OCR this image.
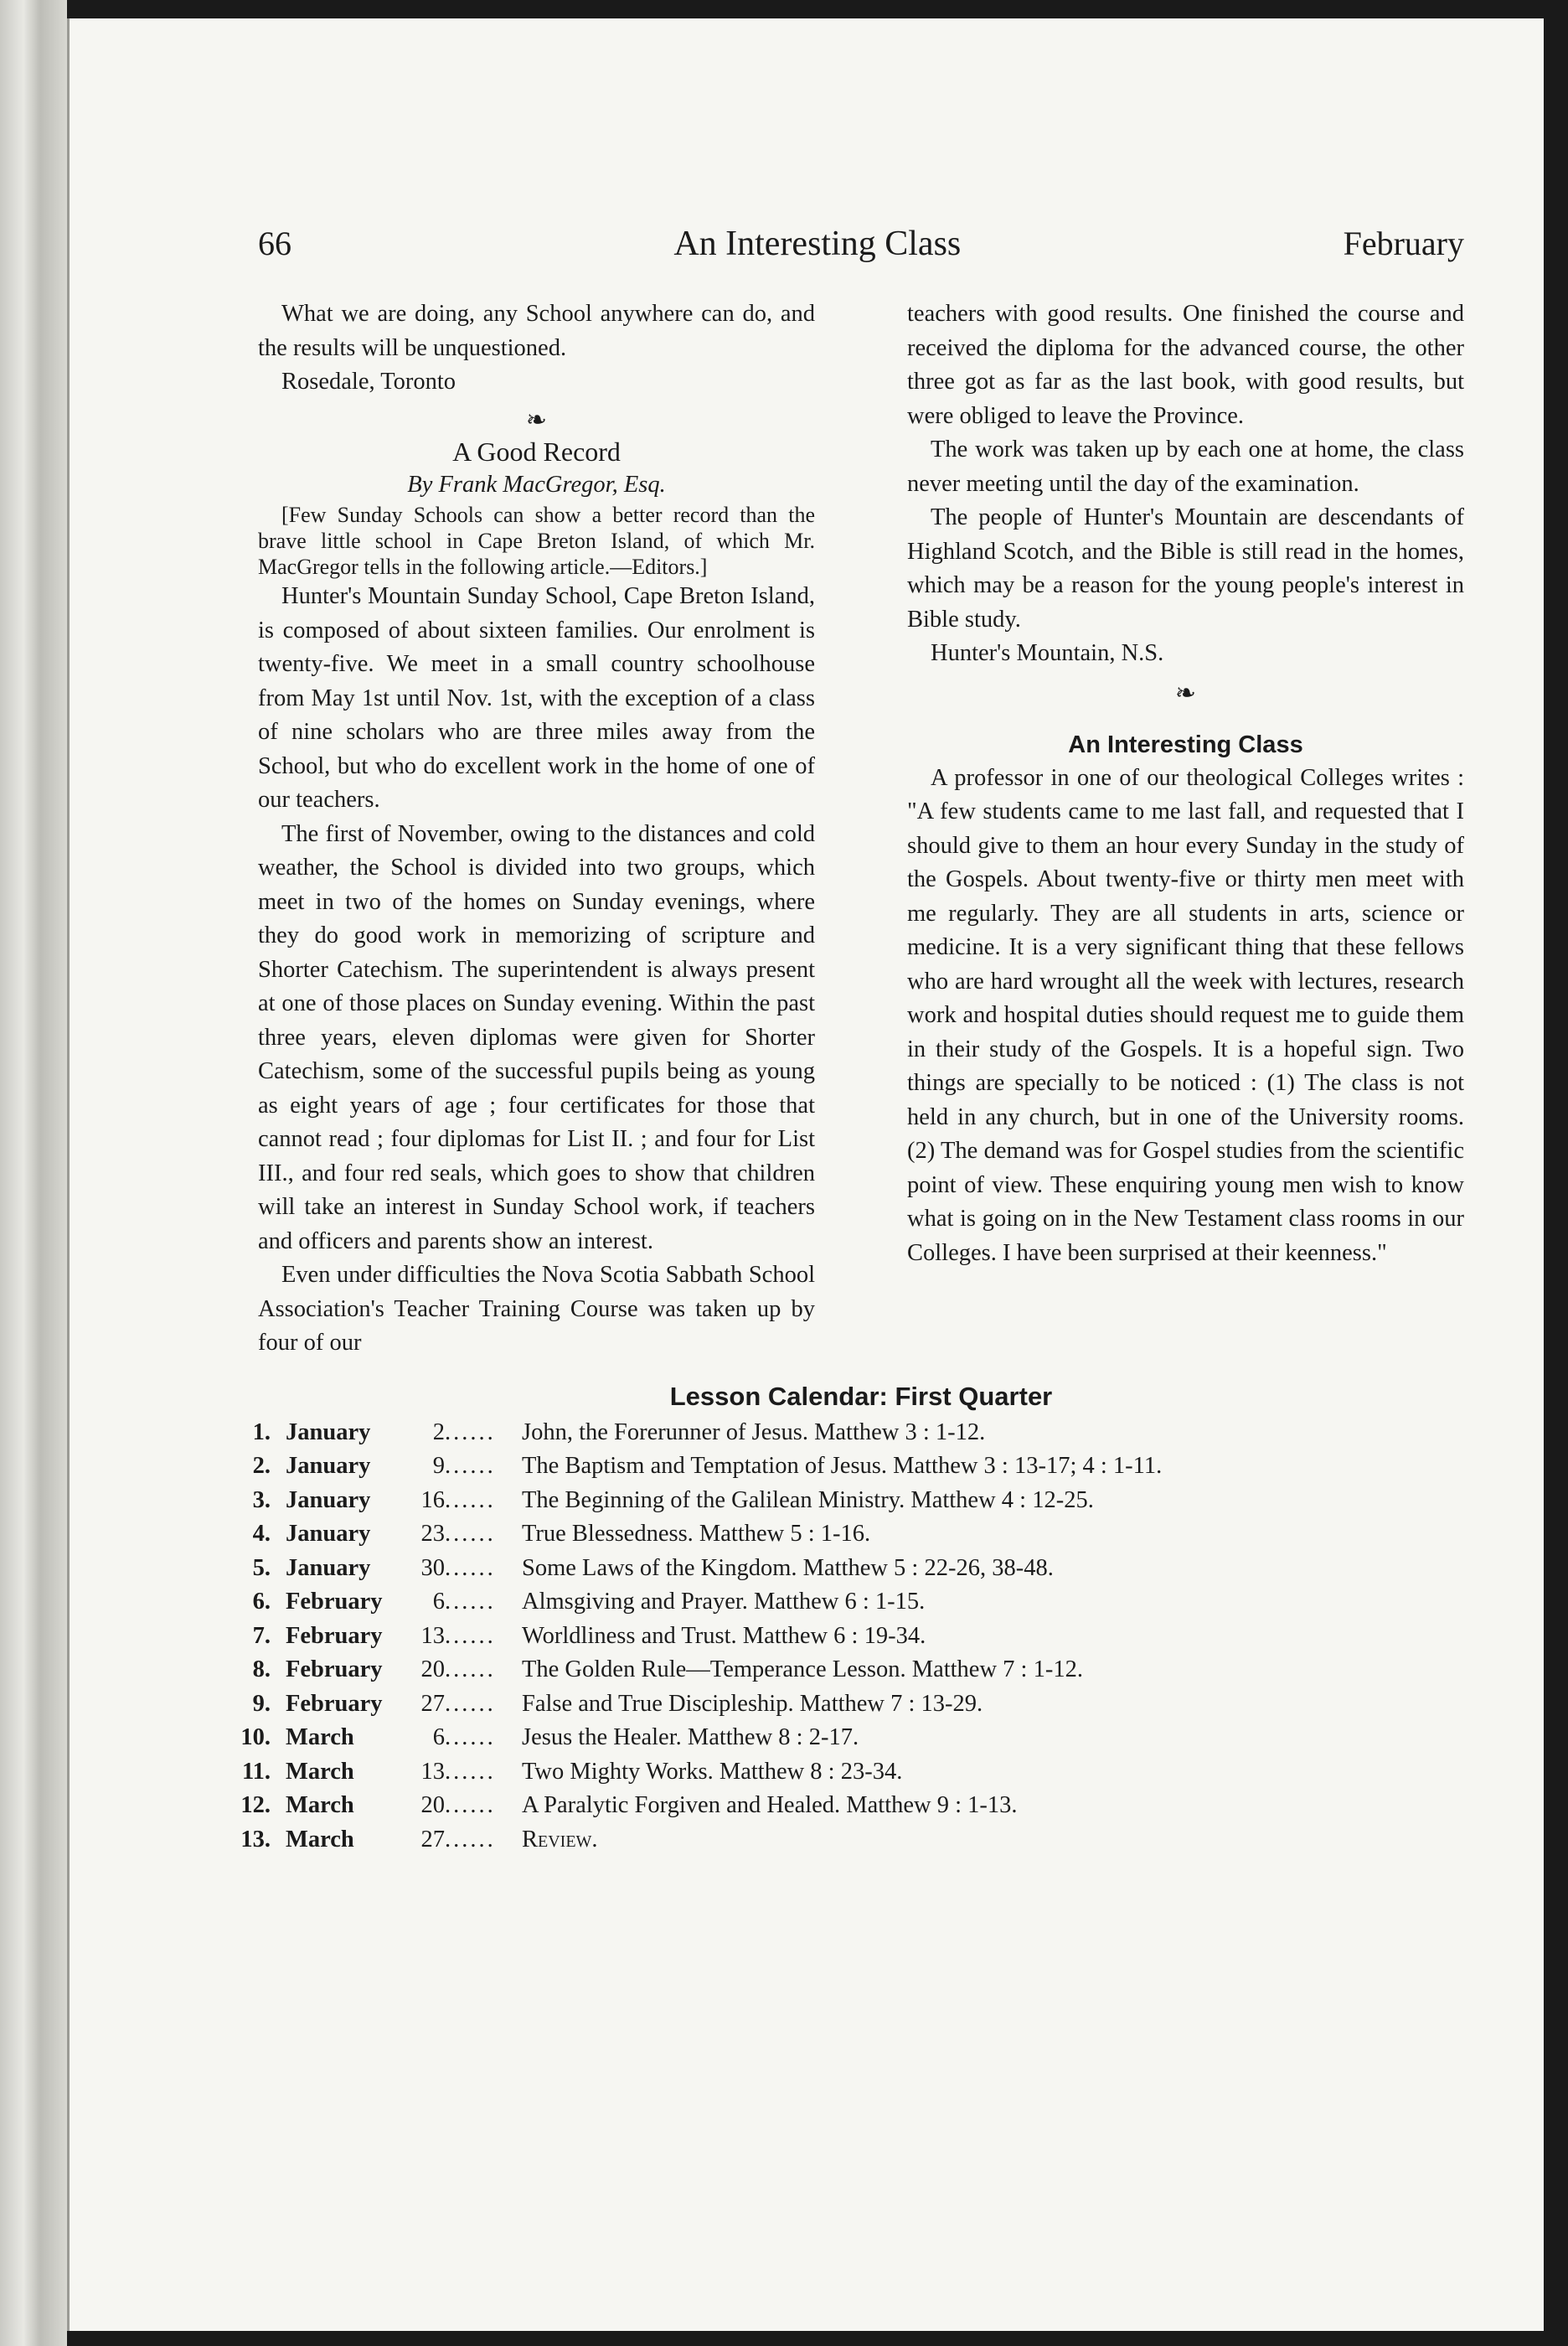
66	An Interesting Class	February

What we are doing, any School anywhere can do, and the results will be unquestioned.

Rosedale, Toronto

❧
A Good Record
By Frank MacGregor, Esq.

[Few Sunday Schools can show a better record than the brave little school in Cape Breton Island, of which Mr. MacGregor tells in the following article.—Editors.]

Hunter's Mountain Sunday School, Cape Breton Island, is composed of about sixteen families. Our enrolment is twenty-five. We meet in a small country schoolhouse from May 1st until Nov. 1st, with the exception of a class of nine scholars who are three miles away from the School, but who do excellent work in the home of one of our teachers.

The first of November, owing to the distances and cold weather, the School is divided into two groups, which meet in two of the homes on Sunday evenings, where they do good work in memorizing of scripture and Shorter Catechism. The superintendent is always present at one of those places on Sunday evening. Within the past three years, eleven diplomas were given for Shorter Catechism, some of the successful pupils being as young as eight years of age ; four certificates for those that cannot read ; four diplomas for List II. ; and four for List III., and four red seals, which goes to show that children will take an interest in Sunday School work, if teachers and officers and parents show an interest.

Even under difficulties the Nova Scotia Sabbath School Association's Teacher Training Course was taken up by four of our

teachers with good results. One finished the course and received the diploma for the advanced course, the other three got as far as the last book, with good results, but were obliged to leave the Province.

The work was taken up by each one at home, the class never meeting until the day of the examination.

The people of Hunter's Mountain are descendants of Highland Scotch, and the Bible is still read in the homes, which may be a reason for the young people's interest in Bible study.

Hunter's Mountain, N.S.

❧
An Interesting Class

A professor in one of our theological Colleges writes : "A few students came to me last fall, and requested that I should give to them an hour every Sunday in the study of the Gospels. About twenty-five or thirty men meet with me regularly. They are all students in arts, science or medicine. It is a very significant thing that these fellows who are hard wrought all the week with lectures, research work and hospital duties should request me to guide them in their study of the Gospels. It is a hopeful sign. Two things are specially to be noticed : (1) The class is not held in any church, but in one of the University rooms. (2) The demand was for Gospel studies from the scientific point of view. These enquiring young men wish to know what is going on in the New Testament class rooms in our Colleges. I have been surprised at their keenness."

Lesson Calendar: First Quarter
1.	January	2	......	John, the Forerunner of Jesus. Matthew 3 : 1-12.
2.	January	9	......	The Baptism and Temptation of Jesus. Matthew 3 : 13-17; 4 : 1-11.
3.	January	16	......	The Beginning of the Galilean Ministry. Matthew 4 : 12-25.
4.	January	23	......	True Blessedness. Matthew 5 : 1-16.
5.	January	30	......	Some Laws of the Kingdom. Matthew 5 : 22-26, 38-48.
6.	February	6	......	Almsgiving and Prayer. Matthew 6 : 1-15.
7.	February	13	......	Worldliness and Trust. Matthew 6 : 19-34.
8.	February	20	......	The Golden Rule—Temperance Lesson. Matthew 7 : 1-12.
9.	February	27	......	False and True Discipleship. Matthew 7 : 13-29.
10.	March	6	......	Jesus the Healer. Matthew 8 : 2-17.
11.	March	13	......	Two Mighty Works. Matthew 8 : 23-34.
12.	March	20	......	A Paralytic Forgiven and Healed. Matthew 9 : 1-13.
13.	March	27	......	Review.
